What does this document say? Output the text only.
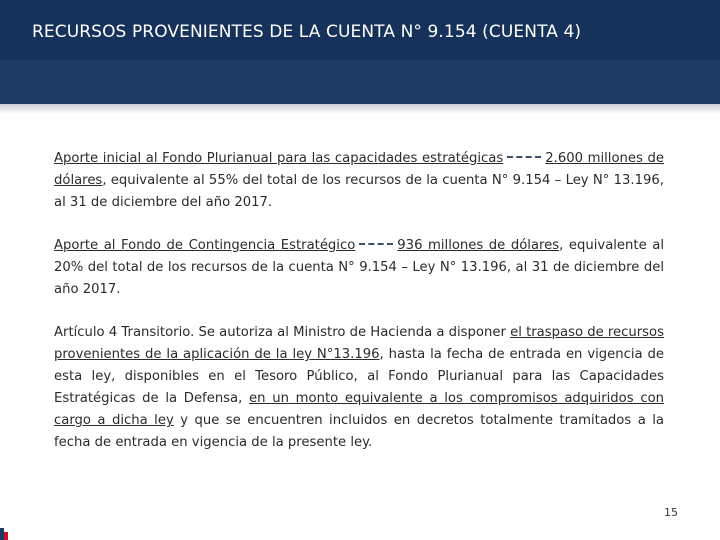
RECURSOS PROVENIENTES DE LA CUENTA N° 9.154 (CUENTA 4)

Aporte inicial al Fondo Plurianual para las capacidades estratégicas	2.600 millones de dólares, equivalente al 55% del total de los recursos de la cuenta N° 9.154 – Ley N° 13.196, al 31 de diciembre del año 2017.

Aporte al Fondo de Contingencia Estratégico	936 millones de dólares, equivalente al 20% del total de los recursos de la cuenta N° 9.154 – Ley N° 13.196, al 31 de diciembre del año 2017.

Artículo 4 Transitorio. Se autoriza al Ministro de Hacienda a disponer el traspaso de recursos provenientes de la aplicación de la ley N°13.196, hasta la fecha de entrada en vigencia de esta ley, disponibles en el Tesoro Público, al Fondo Plurianual para las Capacidades Estratégicas de la Defensa, en un monto equivalente a los compromisos adquiridos con cargo a dicha ley y que se encuentren incluidos en decretos totalmente tramitados a la fecha de entrada en vigencia de la presente ley.

15
